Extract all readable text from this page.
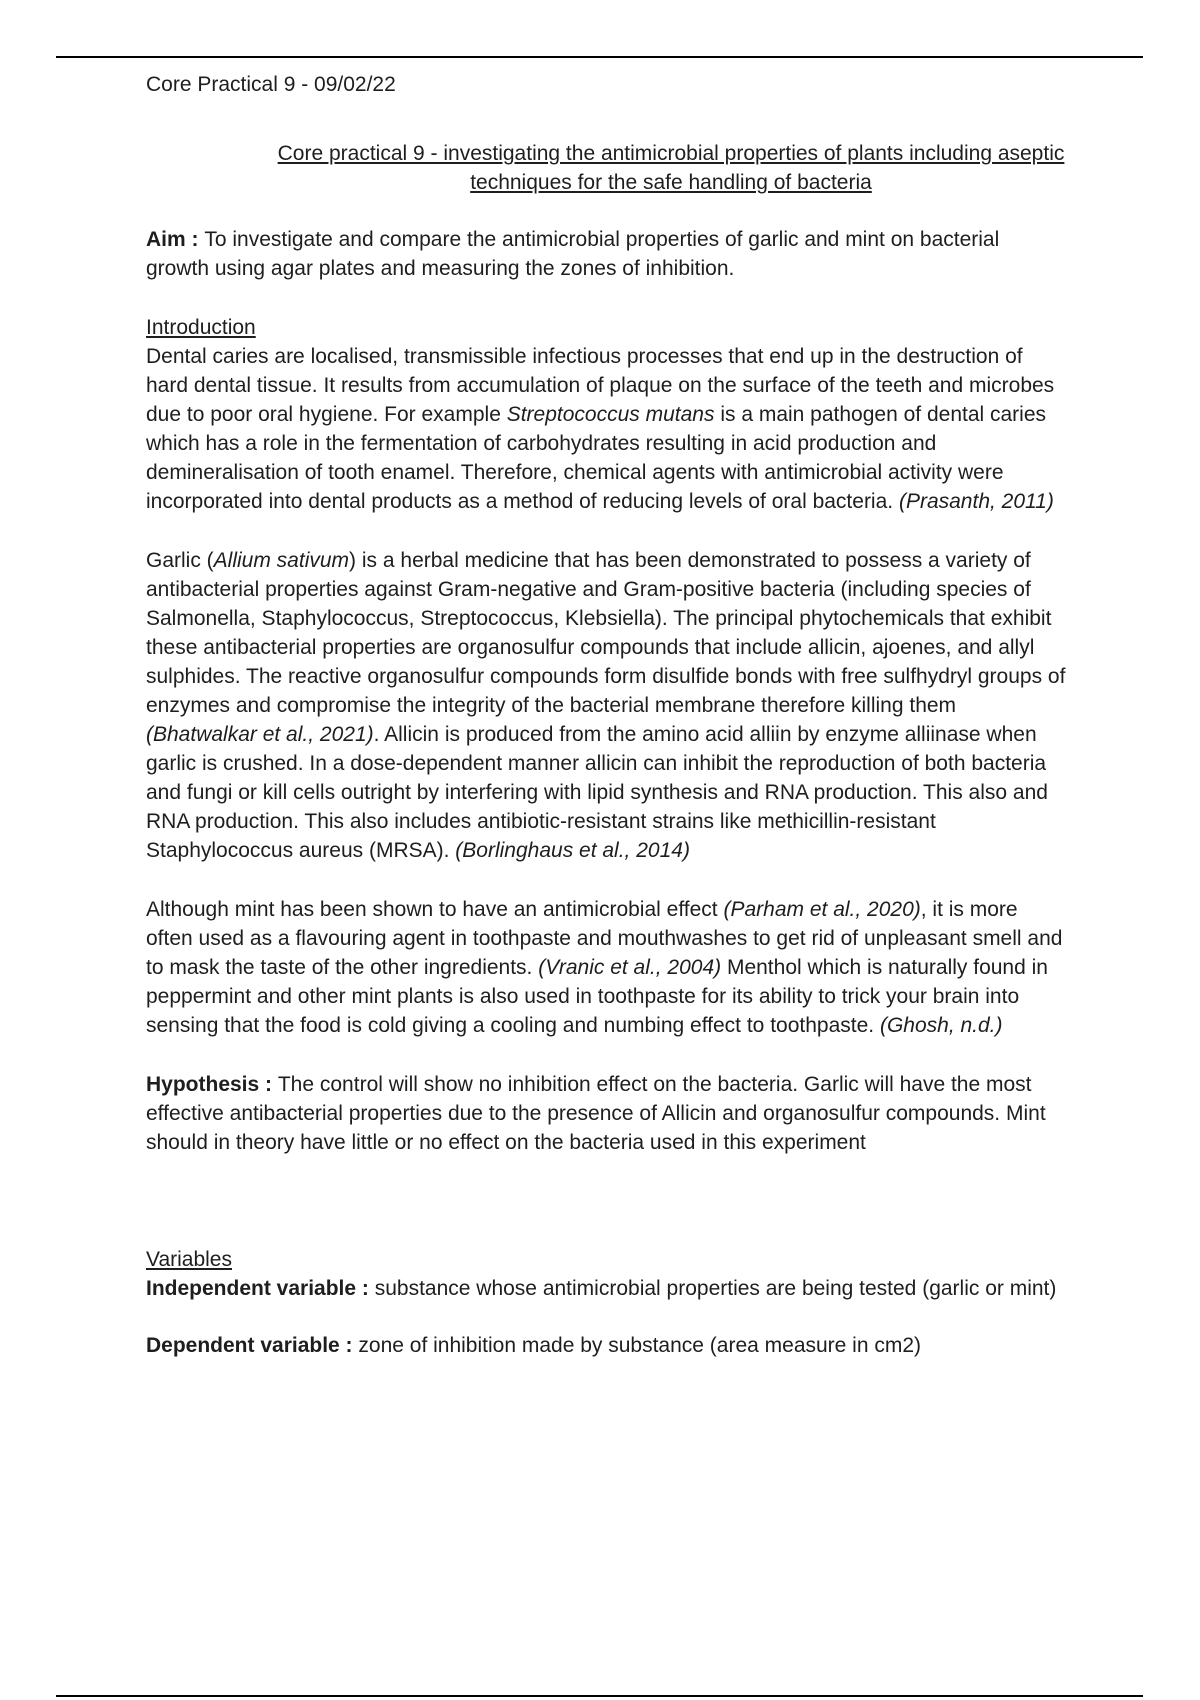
Core Practical 9 - 09/02/22

Core practical 9 - investigating the antimicrobial properties of plants including aseptic
techniques for the safe handling of bacteria

Aim : To investigate and compare the antimicrobial properties of garlic and mint on bacterial growth using agar plates and measuring the zones of inhibition.

Introduction

Dental caries are localised, transmissible infectious processes that end up in the destruction of hard dental tissue. It results from accumulation of plaque on the surface of the teeth and microbes due to poor oral hygiene. For example Streptococcus mutans is a main pathogen of dental caries which has a role in the fermentation of carbohydrates resulting in acid production and demineralisation of tooth enamel. Therefore, chemical agents with antimicrobial activity were incorporated into dental products as a method of reducing levels of oral bacteria. (Prasanth, 2011)

Garlic (Allium sativum) is a herbal medicine that has been demonstrated to possess a variety of antibacterial properties against Gram-negative and Gram-positive bacteria (including species of Salmonella, Staphylococcus, Streptococcus, Klebsiella). The principal phytochemicals that exhibit these antibacterial properties are organosulfur compounds that include allicin, ajoenes, and allyl sulphides. The reactive organosulfur compounds form disulfide bonds with free sulfhydryl groups of enzymes and compromise the integrity of the bacterial membrane therefore killing them (Bhatwalkar et al., 2021). Allicin is produced from the amino acid alliin by enzyme alliinase when garlic is crushed. In a dose-dependent manner allicin can inhibit the reproduction of both bacteria and fungi or kill cells outright by interfering with lipid synthesis and RNA production. This also and RNA production. This also includes antibiotic-resistant strains like methicillin-resistant Staphylococcus aureus (MRSA). (Borlinghaus et al., 2014)

Although mint has been shown to have an antimicrobial effect (Parham et al., 2020), it is more often used as a flavouring agent in toothpaste and mouthwashes to get rid of unpleasant smell and to mask the taste of the other ingredients. (Vranic et al., 2004) Menthol which is naturally found in peppermint and other mint plants is also used in toothpaste for its ability to trick your brain into sensing that the food is cold giving a cooling and numbing effect to toothpaste. (Ghosh, n.d.)

Hypothesis : The control will show no inhibition effect on the bacteria. Garlic will have the most effective antibacterial properties due to the presence of Allicin and organosulfur compounds. Mint should in theory have little or no effect on the bacteria used in this experiment

Variables

Independent variable : substance whose antimicrobial properties are being tested (garlic or mint)

Dependent variable : zone of inhibition made by substance (area measure in cm2)
